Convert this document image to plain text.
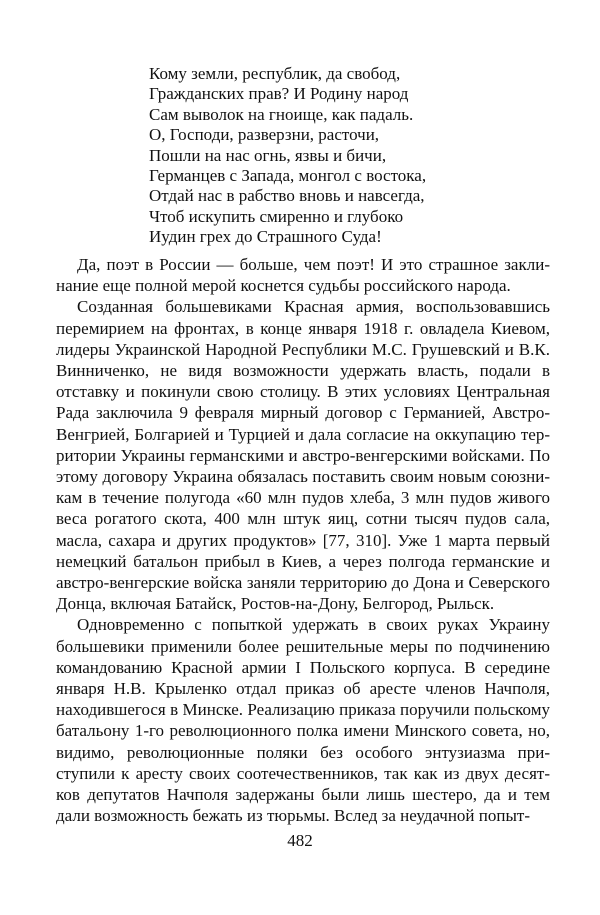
Кому земли, республик, да свобод,
Гражданских прав? И Родину народ
Сам выволок на гноище, как падаль.
О, Господи, разверзни, расточи,
Пошли на нас огнь, язвы и бичи,
Германцев с Запада, монгол с востока,
Отдай нас в рабство вновь и навсегда,
Чтоб искупить смиренно и глубоко
Иудин грех до Страшного Суда!

Да, поэт в России — больше, чем поэт! И это страшное заклинание еще полной мерой коснется судьбы российского народа.

Созданная большевиками Красная армия, воспользовавшись перемирием на фронтах, в конце января 1918 г. овладела Киевом, лидеры Украинской Народной Республики М.С. Грушевский и В.К. Винниченко, не видя возможности удержать власть, подали в отставку и покинули свою столицу. В этих условиях Центральная Рада заключила 9 февраля мирный договор с Германией, Австро-Венгрией, Болгарией и Турцией и дала согласие на оккупацию территории Украины германскими и австро-венгерскими войсками. По этому договору Украина обязалась поставить своим новым союзникам в течение полугода «60 млн пудов хлеба, 3 млн пудов живого веса рогатого скота, 400 млн штук яиц, сотни тысяч пудов сала, масла, сахара и других продуктов» [77, 310]. Уже 1 марта первый немецкий батальон прибыл в Киев, а через полгода германские и австро-венгерские войска заняли территорию до Дона и Северского Донца, включая Батайск, Ростов-на-Дону, Белгород, Рыльск.

Одновременно с попыткой удержать в своих руках Украину большевики применили более решительные меры по подчинению командованию Красной армии I Польского корпуса. В середине января Н.В. Крыленко отдал приказ об аресте членов Начполя, находившегося в Минске. Реализацию приказа поручили польскому батальону 1-го революционного полка имени Минского совета, но, видимо, революционные поляки без особого энтузиазма приступили к аресту своих соотечественников, так как из двух десятков депутатов Начполя задержаны были лишь шестеро, да и тем дали возможность бежать из тюрьмы. Вслед за неудачной попыт-

482
